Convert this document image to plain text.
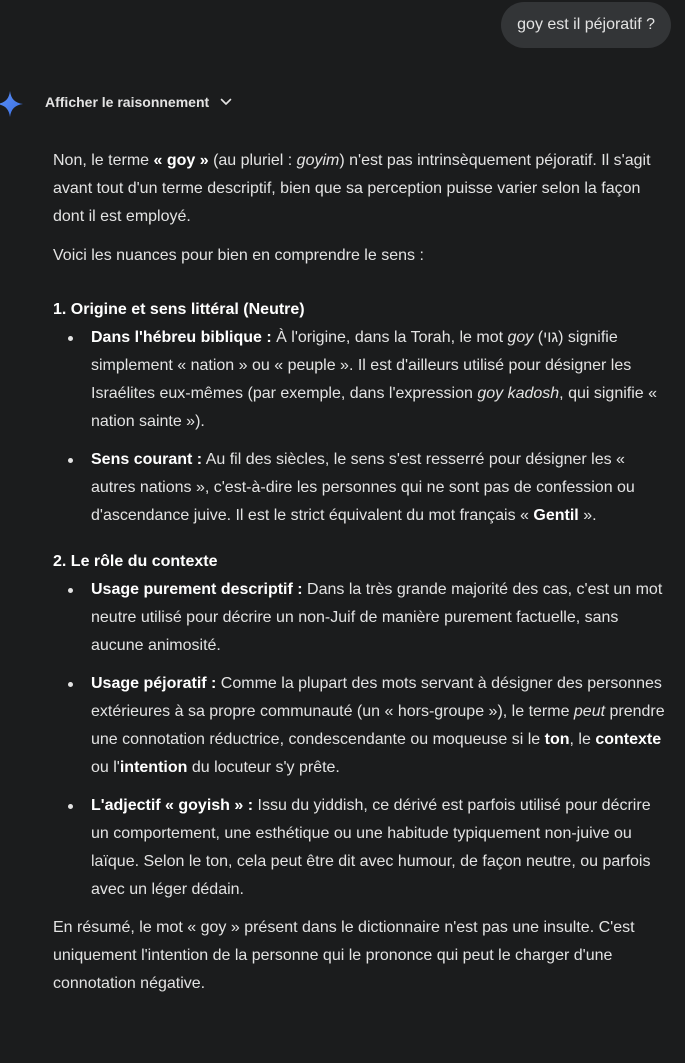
goy est il péjoratif ?
Afficher le raisonnement

Non, le terme « goy » (au pluriel : goyim) n'est pas intrinsèquement péjoratif. Il s'agit avant tout d'un terme descriptif, bien que sa perception puisse varier selon la façon dont il est employé.

Voici les nuances pour bien en comprendre le sens :

1. Origine et sens littéral (Neutre)

Dans l'hébreu biblique : À l'origine, dans la Torah, le mot goy (גוי) signifie simplement « nation » ou « peuple ». Il est d'ailleurs utilisé pour désigner les Israélites eux-mêmes (par exemple, dans l'expression goy kadosh, qui signifie « nation sainte »).
Sens courant : Au fil des siècles, le sens s'est resserré pour désigner les « autres nations », c'est-à-dire les personnes qui ne sont pas de confession ou d'ascendance juive. Il est le strict équivalent du mot français « Gentil ».

2. Le rôle du contexte

Usage purement descriptif : Dans la très grande majorité des cas, c'est un mot neutre utilisé pour décrire un non-Juif de manière purement factuelle, sans aucune animosité.
Usage péjoratif : Comme la plupart des mots servant à désigner des personnes extérieures à sa propre communauté (un « hors-groupe »), le terme peut prendre une connotation réductrice, condescendante ou moqueuse si le ton, le contexte ou l'intention du locuteur s'y prête.
L'adjectif « goyish » : Issu du yiddish, ce dérivé est parfois utilisé pour décrire un comportement, une esthétique ou une habitude typiquement non-juive ou laïque. Selon le ton, cela peut être dit avec humour, de façon neutre, ou parfois avec un léger dédain.

En résumé, le mot « goy » présent dans le dictionnaire n'est pas une insulte. C'est uniquement l'intention de la personne qui le prononce qui peut le charger d'une connotation négative.
